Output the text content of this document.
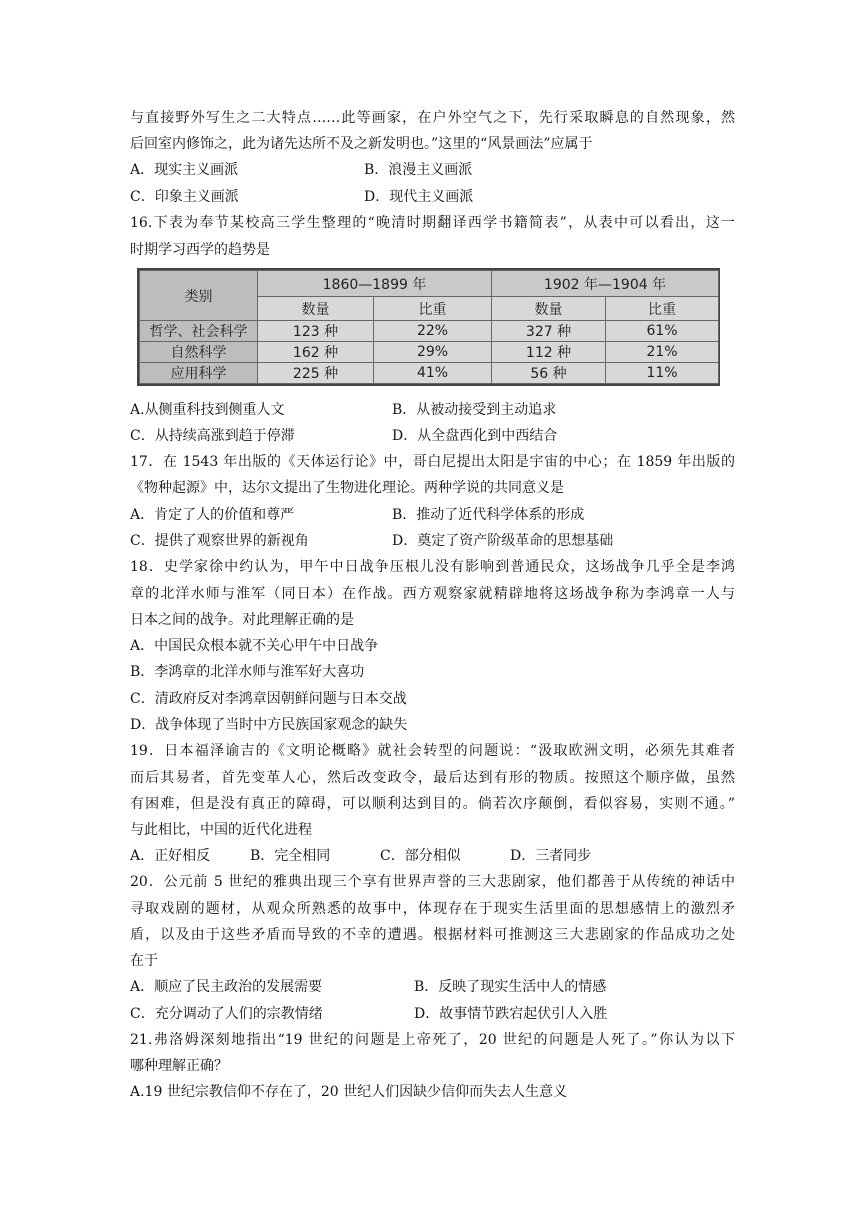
与直接野外写生之二大特点……此等画家，在户外空气之下，先行采取瞬息的自然现象，然
后回室内修饰之，此为诸先达所不及之新发明也。”这里的“风景画法”应属于
A．现实主义画派	B．浪漫主义画派
C．印象主义画派	D．现代主义画派
16.下表为奉节某校高三学生整理的“晚清时期翻译西学书籍简表”，从表中可以看出，这一
时期学习西学的趋势是
类别	1860—1899 年		1902 年—1904 年	
	数量	比重	数量	比重
哲学、社会科学	123 种	22%	327 种	61%
自然科学	162 种	29%	112 种	21%
应用科学	225 种	41%	56 种	11%
A.从侧重科技到侧重人文	B．从被动接受到主动追求
C．从持续高涨到趋于停滞	D．从全盘西化到中西结合
17．在 1543 年出版的《天体运行论》中，哥白尼提出太阳是宇宙的中心；在 1859 年出版的
《物种起源》中，达尔文提出了生物进化理论。两种学说的共同意义是
A．肯定了人的价值和尊严	B．推动了近代科学体系的形成
C．提供了观察世界的新视角	D．奠定了资产阶级革命的思想基础
18．史学家徐中约认为，甲午中日战争压根儿没有影响到普通民众，这场战争几乎全是李鸿
章的北洋水师与淮军（同日本）在作战。西方观察家就精辟地将这场战争称为李鸿章一人与
日本之间的战争。对此理解正确的是
A．中国民众根本就不关心甲午中日战争
B．李鸿章的北洋水师与淮军好大喜功
C．清政府反对李鸿章因朝鲜问题与日本交战
D．战争体现了当时中方民族国家观念的缺失
19．日本福泽谕吉的《文明论概略》就社会转型的问题说：“汲取欧洲文明，必须先其难者
而后其易者，首先变革人心，然后改变政令，最后达到有形的物质。按照这个顺序做，虽然
有困难，但是没有真正的障碍，可以顺利达到目的。倘若次序颠倒，看似容易，实则不通。”
与此相比，中国的近代化进程
A．正好相反	B．完全相同	C．部分相似	D．三者同步
20．公元前 5 世纪的雅典出现三个享有世界声誉的三大悲剧家，他们都善于从传统的神话中
寻取戏剧的题材，从观众所熟悉的故事中，体现存在于现实生活里面的思想感情上的激烈矛
盾，以及由于这些矛盾而导致的不幸的遭遇。根据材料可推测这三大悲剧家的作品成功之处
在于
A．顺应了民主政治的发展需要	B．反映了现实生活中人的情感
C．充分调动了人们的宗教情绪	D．故事情节跌宕起伏引人入胜
21.弗洛姆深刻地指出“19 世纪的问题是上帝死了，20 世纪的问题是人死了。”你认为以下
哪种理解正确？
A.19 世纪宗教信仰不存在了，20 世纪人们因缺少信仰而失去人生意义
